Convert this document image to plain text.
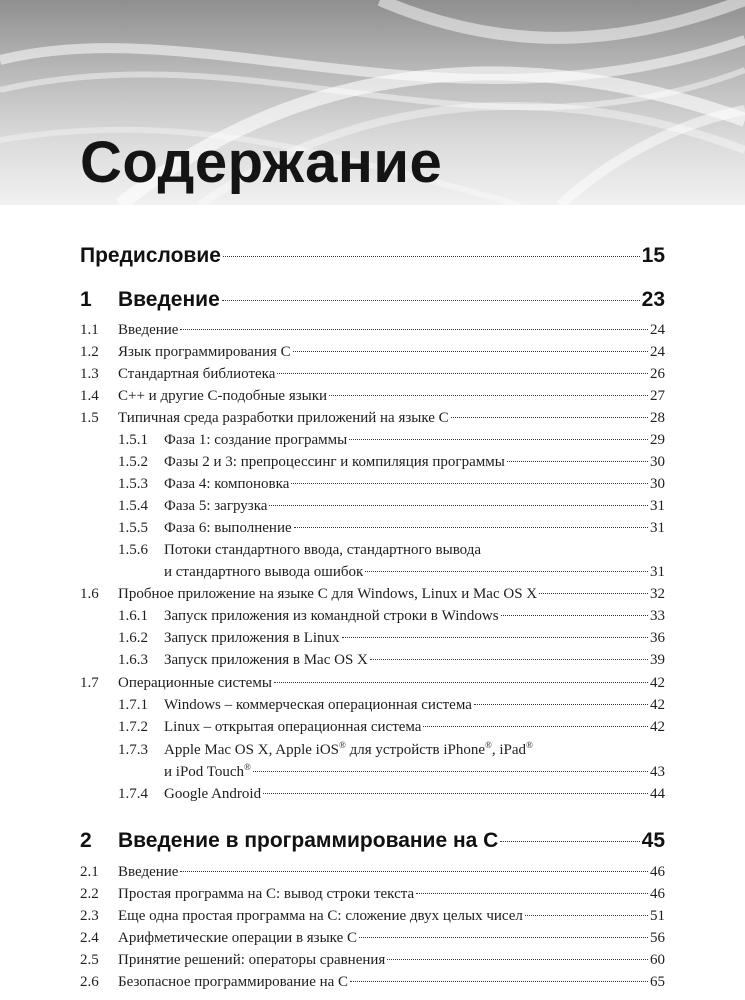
Содержание
Предисловие	15
1	Введение	23
1.1	Введение	24
1.2	Язык программирования C	24
1.3	Стандартная библиотека	26
1.4	C++ и другие C-подобные языки	27
1.5	Типичная среда разработки приложений на языке C	28
1.5.1	Фаза 1: создание программы	29
1.5.2	Фазы 2 и 3: препроцессинг и компиляция программы	30
1.5.3	Фаза 4: компоновка	30
1.5.4	Фаза 5: загрузка	31
1.5.5	Фаза 6: выполнение	31
1.5.6	Потоки стандартного ввода, стандартного вывода
и стандартного вывода ошибок	31
1.6	Пробное приложение на языке C для Windows, Linux и Mac OS X	32
1.6.1	Запуск приложения из командной строки в Windows	33
1.6.2	Запуск приложения в Linux	36
1.6.3	Запуск приложения в Mac OS X	39
1.7	Операционные системы	42
1.7.1	Windows – коммерческая операционная система	42
1.7.2	Linux – открытая операционная система	42
1.7.3	Apple Mac OS X, Apple iOS® для устройств iPhone®, iPad®
и iPod Touch®	43
1.7.4	Google Android	44
2	Введение в программирование на C	45
2.1	Введение	46
2.2	Простая программа на C: вывод строки текста	46
2.3	Еще одна простая программа на C: сложение двух целых чисел	51
2.4	Арифметические операции в языке C	56
2.5	Принятие решений: операторы сравнения	60
2.6	Безопасное программирование на C	65
